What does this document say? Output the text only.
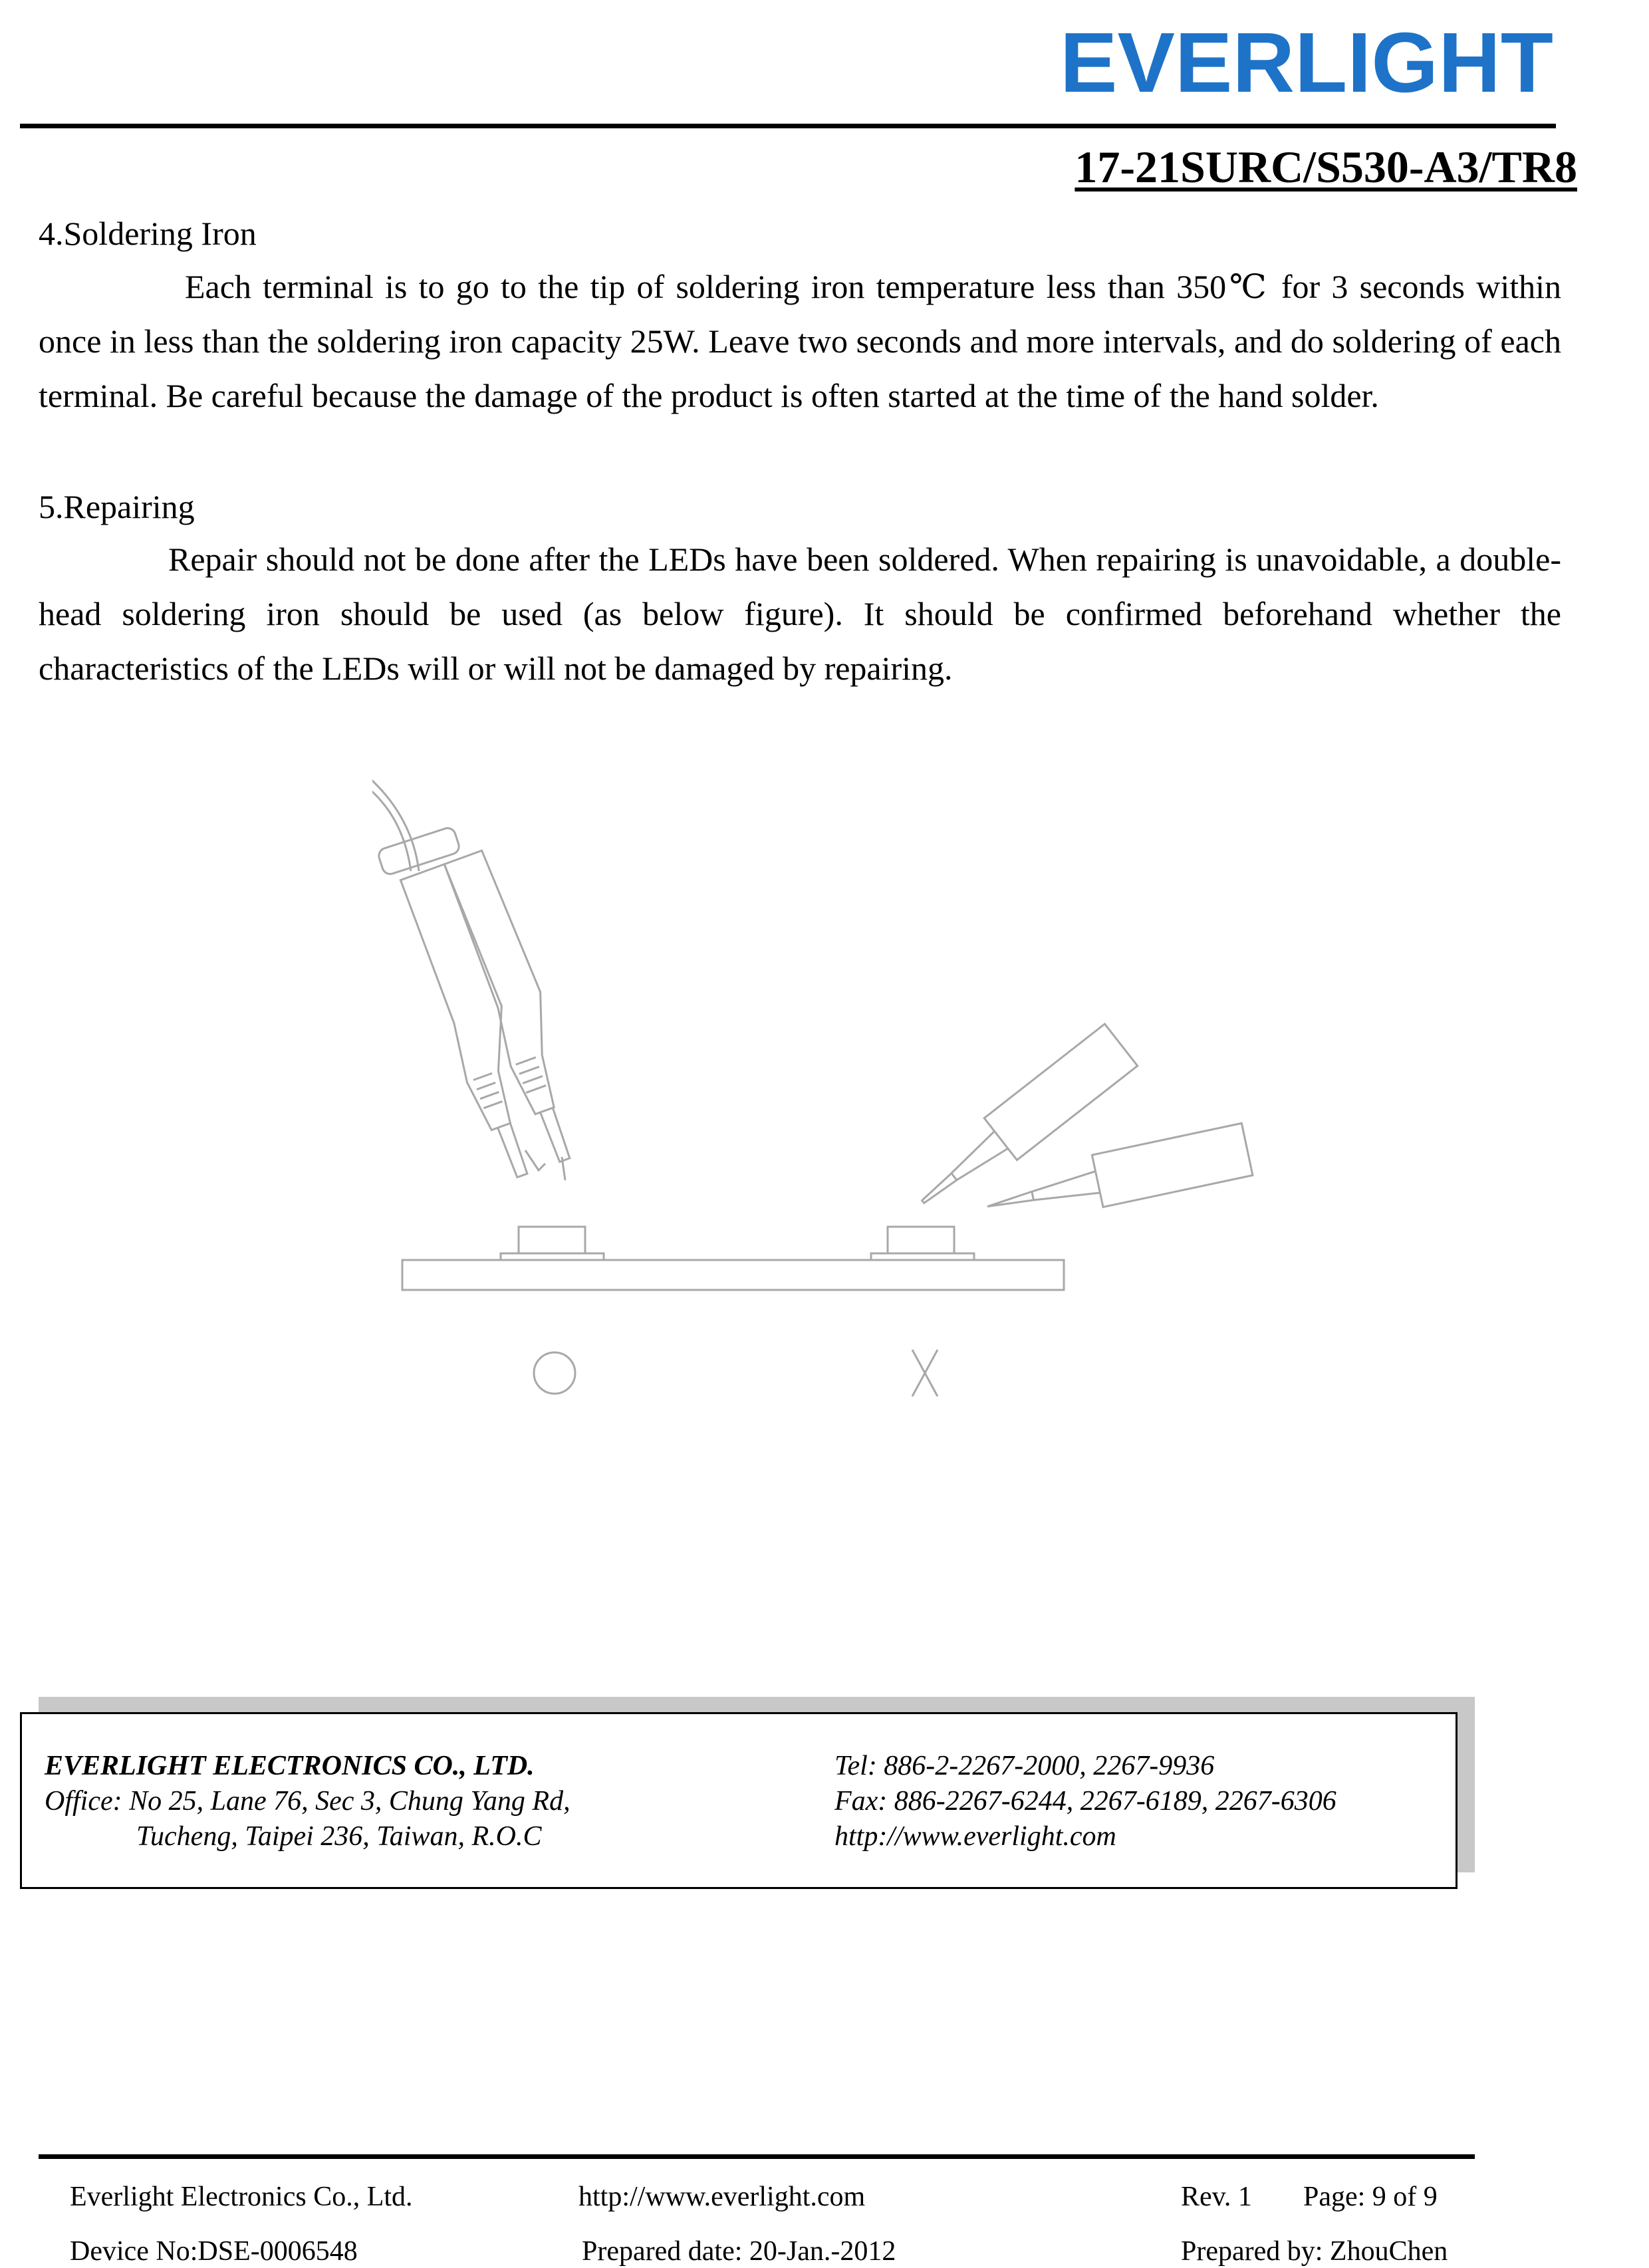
EVERLIGHT
17-21SURC/S530-A3/TR8
4.Soldering Iron
Each terminal is to go to the tip of soldering iron temperature less than 350℃ for 3 seconds within once in less than the soldering iron capacity 25W. Leave two seconds and more intervals, and do soldering of each terminal. Be careful because the damage of the product is often started at the time of the hand solder.
5.Repairing
Repair should not be done after the LEDs have been soldered. When repairing is unavoidable, a double-head soldering iron should be used (as below figure). It should be confirmed beforehand whether the characteristics of the LEDs will or will not be damaged by repairing.
EVERLIGHT ELECTRONICS CO., LTD.
Office: No 25, Lane 76, Sec 3, Chung Yang Rd,
Tucheng, Taipei 236, Taiwan, R.O.C
Tel: 886-2-2267-2000, 2267-9936
Fax: 886-2267-6244, 2267-6189, 2267-6306
http://www.everlight.com
Everlight Electronics Co., Ltd.	http://www.everlight.com	Rev. 1 Page: 9 of 9
Device No:DSE-0006548	Prepared date: 20-Jan.-2012	Prepared by: ZhouChen
